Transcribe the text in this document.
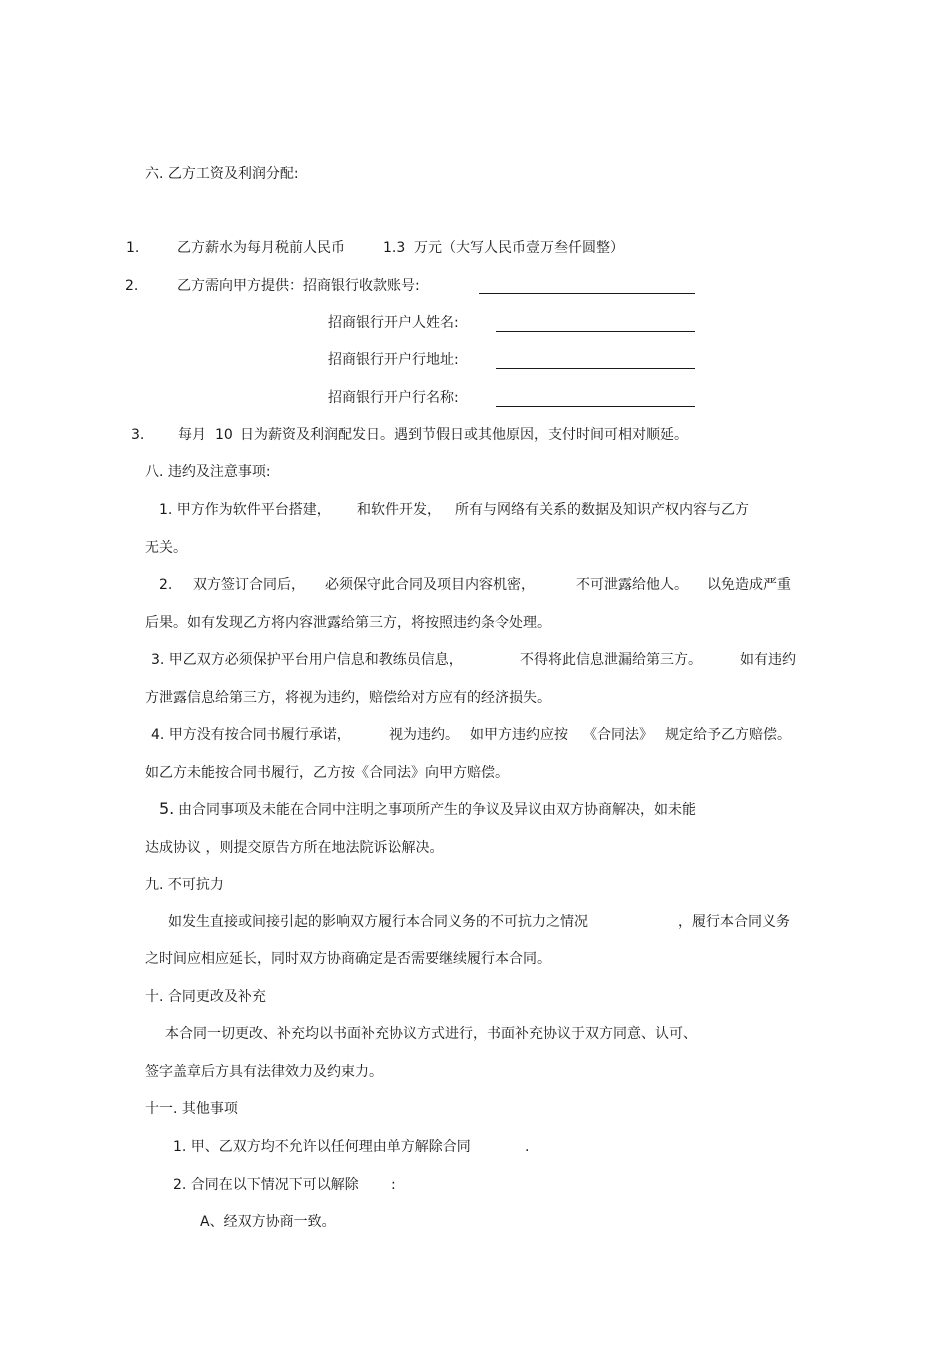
六. 乙方工资及利润分配:
1.	乙方薪水为每月税前人民币	1.3 万元（大写人民币壹万叁仟圆整）
2.	乙方需向甲方提供：招商银行收款账号:
招商银行开户人姓名:
招商银行开户行地址:
招商银行开户行名称:
3. 每月 10 日为薪资及利润配发日。遇到节假日或其他原因，支付时间可相对顺延。
八. 违约及注意事项:
1. 甲方作为软件平台搭建， 和软件开发， 所有与网络有关系的数据及知识产权内容与乙方
无关。
2. 双方签订合同后， 必须保守此合同及项目内容机密，	不可泄露给他人。 以免造成严重
后果。如有发现乙方将内容泄露给第三方，将按照违约条令处理。
3. 甲乙双方必须保护平台用户信息和教练员信息，	不得将此信息泄漏给第三方。	如有违约
方泄露信息给第三方，将视为违约，赔偿给对方应有的经济损失。
4. 甲方没有按合同书履行承诺，	视为违约。 如甲方违约应按 《合同法》 规定给予乙方赔偿。
如乙方未能按合同书履行，乙方按《合同法》向甲方赔偿。
5. 由合同事项及未能在合同中注明之事项所产生的争议及异议由双方协商解决，如未能
达成协议 ，则提交原告方所在地法院诉讼解决。
九. 不可抗力
如发生直接或间接引起的影响双方履行本合同义务的不可抗力之情况	，履行本合同义务
之时间应相应延长，同时双方协商确定是否需要继续履行本合同。
十. 合同更改及补充
本合同一切更改、补充均以书面补充协议方式进行，书面补充协议于双方同意、认可、
签字盖章后方具有法律效力及约束力。
十一. 其他事项
1. 甲、乙双方均不允许以任何理由单方解除合同	.
2. 合同在以下情况下可以解除 :
A、经双方协商一致。
